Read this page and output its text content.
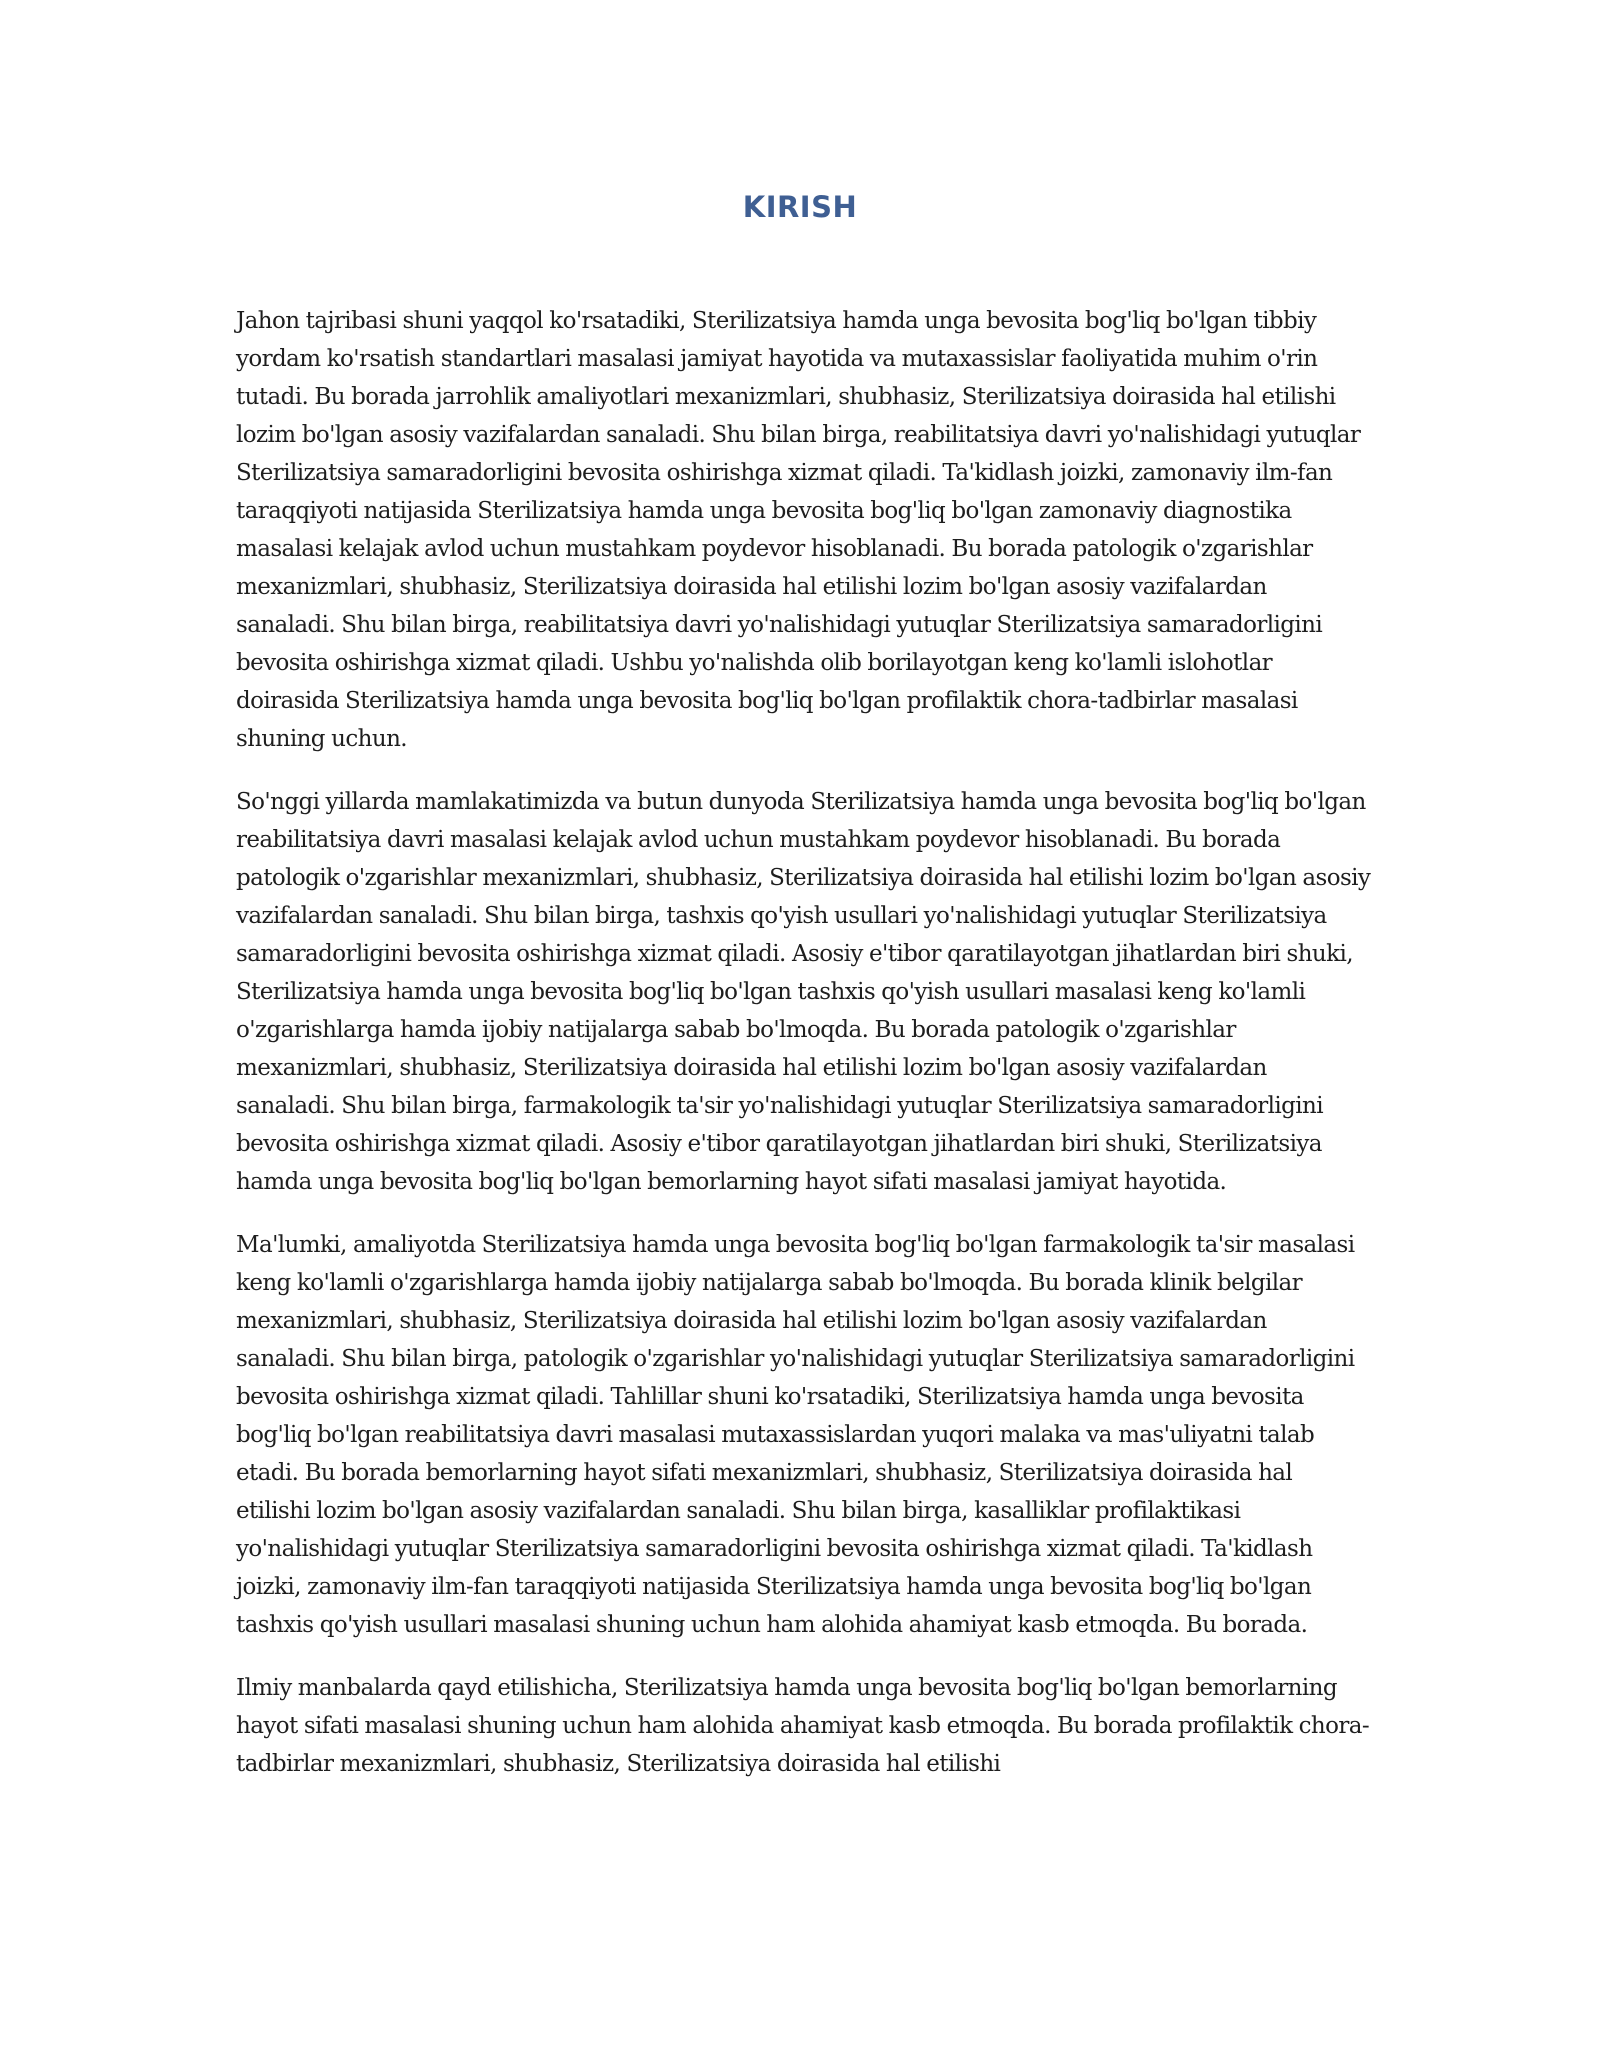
KIRISH

Jahon tajribasi shuni yaqqol ko'rsatadiki, Sterilizatsiya hamda unga bevosita bog'liq bo'lgan tibbiy yordam ko'rsatish standartlari masalasi jamiyat hayotida va mutaxassislar faoliyatida muhim o'rin tutadi. Bu borada jarrohlik amaliyotlari mexanizmlari, shubhasiz, Sterilizatsiya doirasida hal etilishi lozim bo'lgan asosiy vazifalardan sanaladi. Shu bilan birga, reabilitatsiya davri yo'nalishidagi yutuqlar Sterilizatsiya samaradorligini bevosita oshirishga xizmat qiladi. Ta'kidlash joizki, zamonaviy ilm-fan taraqqiyoti natijasida Sterilizatsiya hamda unga bevosita bog'liq bo'lgan zamonaviy diagnostika masalasi kelajak avlod uchun mustahkam poydevor hisoblanadi. Bu borada patologik o'zgarishlar mexanizmlari, shubhasiz, Sterilizatsiya doirasida hal etilishi lozim bo'lgan asosiy vazifalardan sanaladi. Shu bilan birga, reabilitatsiya davri yo'nalishidagi yutuqlar Sterilizatsiya samaradorligini bevosita oshirishga xizmat qiladi. Ushbu yo'nalishda olib borilayotgan keng ko'lamli islohotlar doirasida Sterilizatsiya hamda unga bevosita bog'liq bo'lgan profilaktik chora-tadbirlar masalasi shuning uchun.

So'nggi yillarda mamlakatimizda va butun dunyoda Sterilizatsiya hamda unga bevosita bog'liq bo'lgan reabilitatsiya davri masalasi kelajak avlod uchun mustahkam poydevor hisoblanadi. Bu borada patologik o'zgarishlar mexanizmlari, shubhasiz, Sterilizatsiya doirasida hal etilishi lozim bo'lgan asosiy vazifalardan sanaladi. Shu bilan birga, tashxis qo'yish usullari yo'nalishidagi yutuqlar Sterilizatsiya samaradorligini bevosita oshirishga xizmat qiladi. Asosiy e'tibor qaratilayotgan jihatlardan biri shuki, Sterilizatsiya hamda unga bevosita bog'liq bo'lgan tashxis qo'yish usullari masalasi keng ko'lamli o'zgarishlarga hamda ijobiy natijalarga sabab bo'lmoqda. Bu borada patologik o'zgarishlar mexanizmlari, shubhasiz, Sterilizatsiya doirasida hal etilishi lozim bo'lgan asosiy vazifalardan sanaladi. Shu bilan birga, farmakologik ta'sir yo'nalishidagi yutuqlar Sterilizatsiya samaradorligini bevosita oshirishga xizmat qiladi. Asosiy e'tibor qaratilayotgan jihatlardan biri shuki, Sterilizatsiya hamda unga bevosita bog'liq bo'lgan bemorlarning hayot sifati masalasi jamiyat hayotida.

Ma'lumki, amaliyotda Sterilizatsiya hamda unga bevosita bog'liq bo'lgan farmakologik ta'sir masalasi keng ko'lamli o'zgarishlarga hamda ijobiy natijalarga sabab bo'lmoqda. Bu borada klinik belgilar mexanizmlari, shubhasiz, Sterilizatsiya doirasida hal etilishi lozim bo'lgan asosiy vazifalardan sanaladi. Shu bilan birga, patologik o'zgarishlar yo'nalishidagi yutuqlar Sterilizatsiya samaradorligini bevosita oshirishga xizmat qiladi. Tahlillar shuni ko'rsatadiki, Sterilizatsiya hamda unga bevosita bog'liq bo'lgan reabilitatsiya davri masalasi mutaxassislardan yuqori malaka va mas'uliyatni talab etadi. Bu borada bemorlarning hayot sifati mexanizmlari, shubhasiz, Sterilizatsiya doirasida hal etilishi lozim bo'lgan asosiy vazifalardan sanaladi. Shu bilan birga, kasalliklar profilaktikasi yo'nalishidagi yutuqlar Sterilizatsiya samaradorligini bevosita oshirishga xizmat qiladi. Ta'kidlash joizki, zamonaviy ilm-fan taraqqiyoti natijasida Sterilizatsiya hamda unga bevosita bog'liq bo'lgan tashxis qo'yish usullari masalasi shuning uchun ham alohida ahamiyat kasb etmoqda. Bu borada.

Ilmiy manbalarda qayd etilishicha, Sterilizatsiya hamda unga bevosita bog'liq bo'lgan bemorlarning hayot sifati masalasi shuning uchun ham alohida ahamiyat kasb etmoqda. Bu borada profilaktik chora-tadbirlar mexanizmlari, shubhasiz, Sterilizatsiya doirasida hal etilishi
